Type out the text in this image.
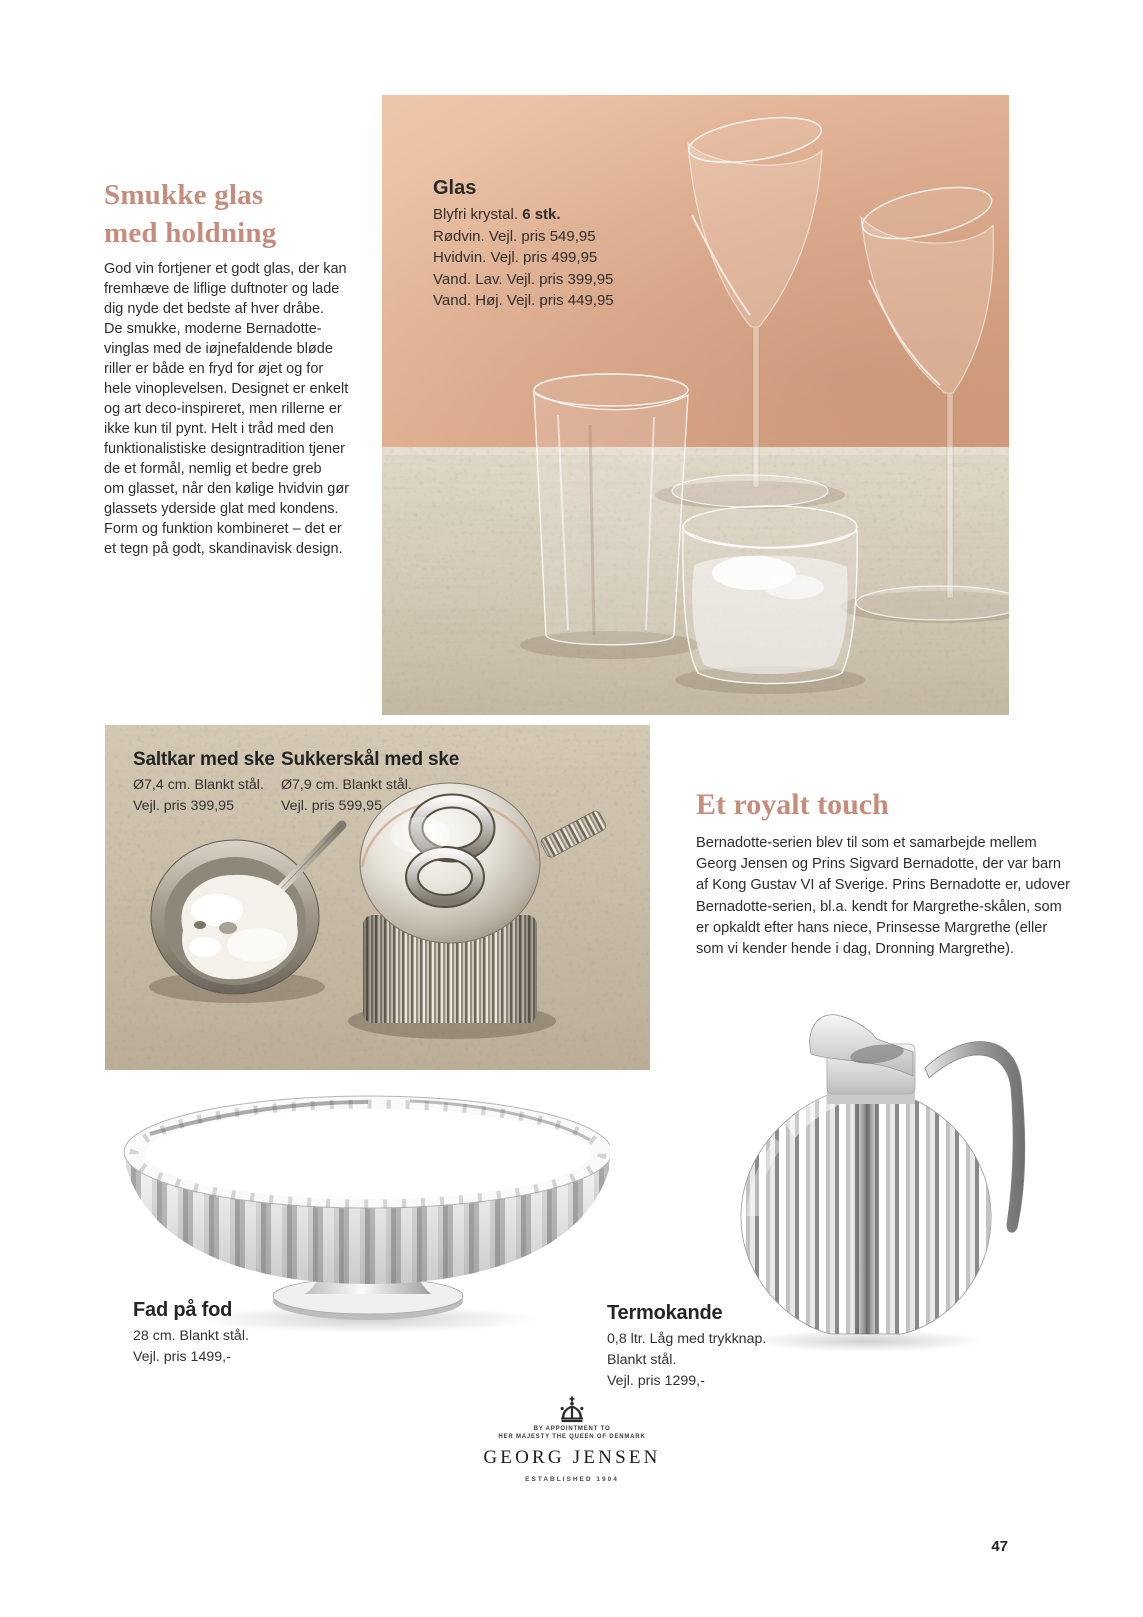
Smukke glas
med holdning
God vin fortjener et godt glas, der kan
fremhæve de liflige duftnoter og lade
dig nyde det bedste af hver dråbe.
De smukke, moderne Bernadotte-
vinglas med de iøjnefaldende bløde
riller er både en fryd for øjet og for
hele vinoplevelsen. Designet er enkelt
og art deco-inspireret, men rillerne er
ikke kun til pynt. Helt i tråd med den
funktionalistiske designtradition tjener
de et formål, nemlig et bedre greb
om glasset, når den kølige hvidvin gør
glassets yderside glat med kondens.
Form og funktion kombineret – det er
et tegn på godt, skandinavisk design.
Glas
Blyfri krystal. 6 stk.
Rødvin. Vejl. pris 549,95
Hvidvin. Vejl. pris 499,95
Vand. Lav. Vejl. pris 399,95
Vand. Høj. Vejl. pris 449,95
Saltkar med ske
Ø7,4 cm. Blankt stål.
Vejl. pris 399,95
Sukkerskål med ske
Ø7,9 cm. Blankt stål.
Vejl. pris 599,95	Et royalt touch
Bernadotte-serien blev til som et samarbejde mellem
Georg Jensen og Prins Sigvard Bernadotte, der var barn
af Kong Gustav VI af Sverige. Prins Bernadotte er, udover
Bernadotte-serien, bl.a. kendt for Margrethe-skålen, som
er opkaldt efter hans niece, Prinsesse Margrethe (eller
som vi kender hende i dag, Dronning Margrethe).
Fad på fod
28 cm. Blankt stål.
Vejl. pris 1499,-
Termokande
0,8 ltr. Låg med trykknap.
Blankt stål.
Vejl. pris 1299,-
BY APPOINTMENT TO
HER MAJESTY THE QUEEN OF DENMARK
GEORG JENSEN
ESTABLISHED 1904
47
